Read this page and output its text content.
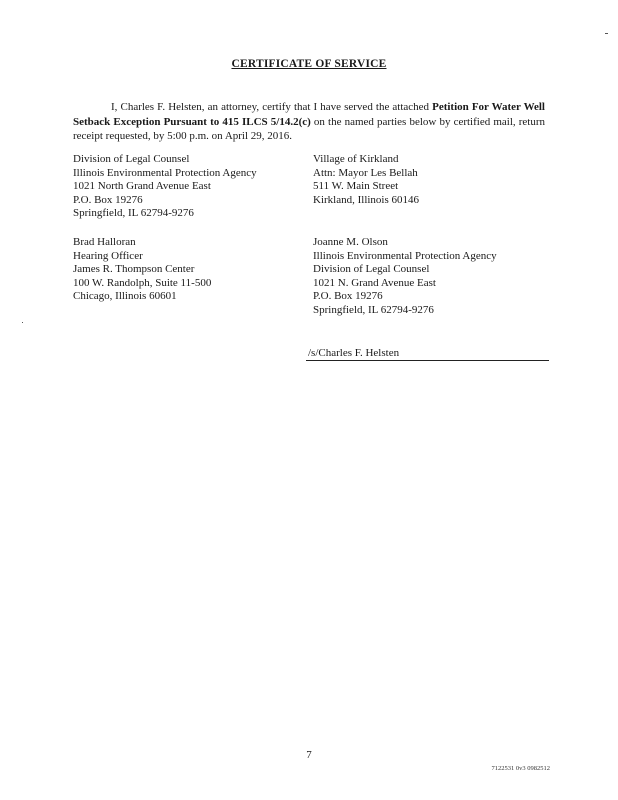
CERTIFICATE OF SERVICE

I, Charles F. Helsten, an attorney, certify that I have served the attached Petition For Water Well Setback Exception Pursuant to 415 ILCS 5/14.2(c) on the named parties below by certified mail, return receipt requested, by 5:00 p.m. on April 29, 2016.

Division of Legal Counsel
Illinois Environmental Protection Agency
1021 North Grand Avenue East
P.O. Box 19276
Springfield, IL 62794-9276
Village of Kirkland
Attn: Mayor Les Bellah
511 W. Main Street
Kirkland, Illinois 60146
Brad Halloran
Hearing Officer
James R. Thompson Center
100 W. Randolph, Suite 11-500
Chicago, Illinois 60601
Joanne M. Olson
Illinois Environmental Protection Agency
Division of Legal Counsel
1021 N. Grand Avenue East
P.O. Box 19276
Springfield, IL 62794-9276
/s/Charles F. Helsten
7
7122531 0v3 0982512
